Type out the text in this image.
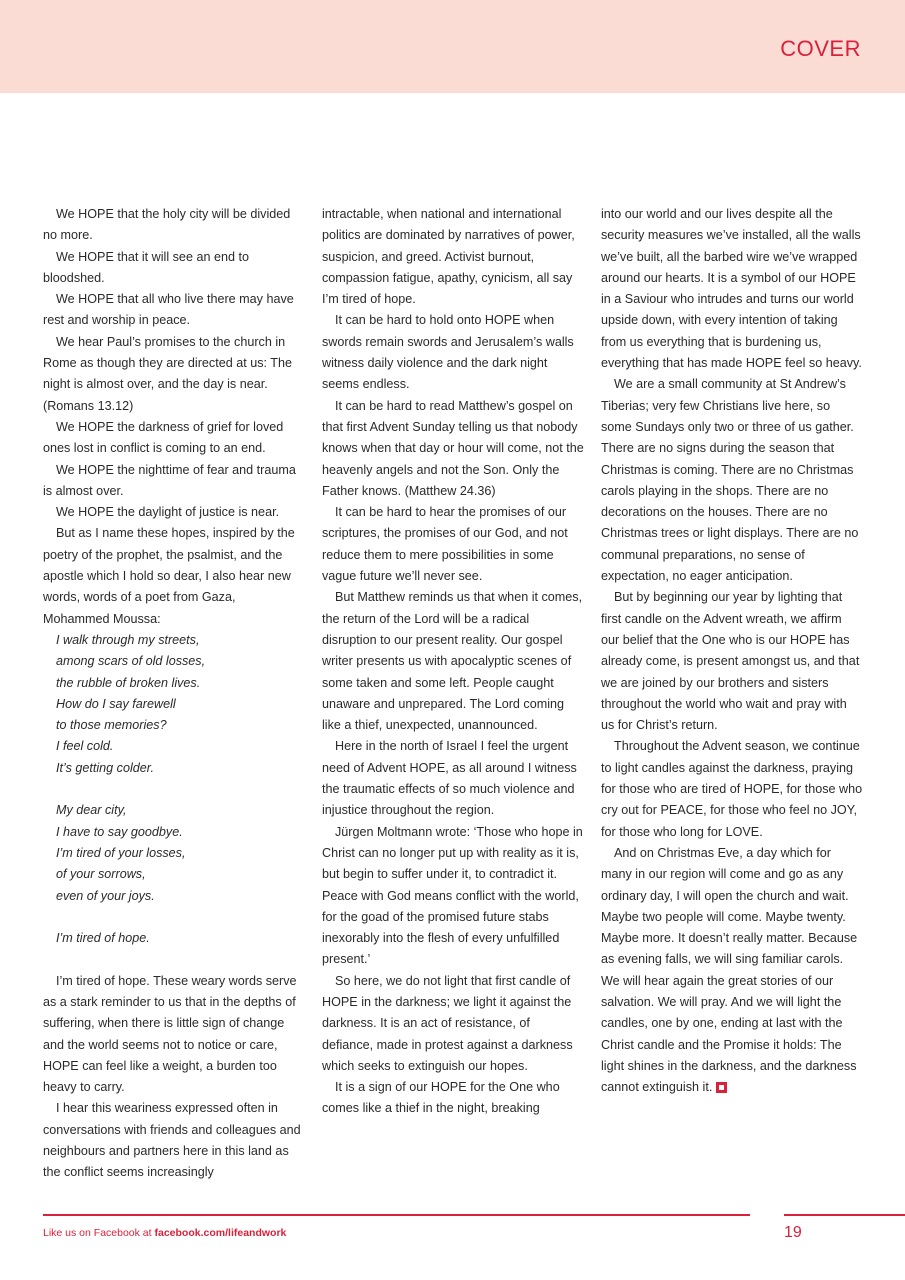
COVER

We HOPE that the holy city will be divided no more.

We HOPE that it will see an end to bloodshed.

We HOPE that all who live there may have rest and worship in peace.

We hear Paul’s promises to the church in Rome as though they are directed at us: The night is almost over, and the day is near. (Romans 13.12)

We HOPE the darkness of grief for loved ones lost in conflict is coming to an end.

We HOPE the nighttime of fear and trauma is almost over.

We HOPE the daylight of justice is near.

But as I name these hopes, inspired by the poetry of the prophet, the psalmist, and the apostle which I hold so dear, I also hear new words, words of a poet from Gaza, Mohammed Moussa:

I walk through my streets,
among scars of old losses,
the rubble of broken lives.
How do I say farewell
to those memories?
I feel cold.
It’s getting colder.
My dear city,
I have to say goodbye.
I’m tired of your losses,
of your sorrows,
even of your joys.
I’m tired of hope.

I’m tired of hope. These weary words serve as a stark reminder to us that in the depths of suffering, when there is little sign of change and the world seems not to notice or care, HOPE can feel like a weight, a burden too heavy to carry.

I hear this weariness expressed often in conversations with friends and colleagues and neighbours and partners here in this land as the conflict seems increasingly

intractable, when national and international politics are dominated by narratives of power, suspicion, and greed. Activist burnout, compassion fatigue, apathy, cynicism, all say I’m tired of hope.

It can be hard to hold onto HOPE when swords remain swords and Jerusalem’s walls witness daily violence and the dark night seems endless.

It can be hard to read Matthew’s gospel on that first Advent Sunday telling us that nobody knows when that day or hour will come, not the heavenly angels and not the Son. Only the Father knows. (Matthew 24.36)

It can be hard to hear the promises of our scriptures, the promises of our God, and not reduce them to mere possibilities in some vague future we’ll never see.

But Matthew reminds us that when it comes, the return of the Lord will be a radical disruption to our present reality. Our gospel writer presents us with apocalyptic scenes of some taken and some left. People caught unaware and unprepared. The Lord coming like a thief, unexpected, unannounced.

Here in the north of Israel I feel the urgent need of Advent HOPE, as all around I witness the traumatic effects of so much violence and injustice throughout the region.

Jürgen Moltmann wrote: ‘Those who hope in Christ can no longer put up with reality as it is, but begin to suffer under it, to contradict it. Peace with God means conflict with the world, for the goad of the promised future stabs inexorably into the flesh of every unfulfilled present.’

So here, we do not light that first candle of HOPE in the darkness; we light it against the darkness. It is an act of resistance, of defiance, made in protest against a darkness which seeks to extinguish our hopes.

It is a sign of our HOPE for the One who comes like a thief in the night, breaking

into our world and our lives despite all the security measures we’ve installed, all the walls we’ve built, all the barbed wire we’ve wrapped around our hearts. It is a symbol of our HOPE in a Saviour who intrudes and turns our world upside down, with every intention of taking from us everything that is burdening us, everything that has made HOPE feel so heavy.

We are a small community at St Andrew’s Tiberias; very few Christians live here, so some Sundays only two or three of us gather. There are no signs during the season that Christmas is coming. There are no Christmas carols playing in the shops. There are no decorations on the houses. There are no Christmas trees or light displays. There are no communal preparations, no sense of expectation, no eager anticipation.

But by beginning our year by lighting that first candle on the Advent wreath, we affirm our belief that the One who is our HOPE has already come, is present amongst us, and that we are joined by our brothers and sisters throughout the world who wait and pray with us for Christ’s return.

Throughout the Advent season, we continue to light candles against the darkness, praying for those who are tired of HOPE, for those who cry out for PEACE, for those who feel no JOY, for those who long for LOVE.

And on Christmas Eve, a day which for many in our region will come and go as any ordinary day, I will open the church and wait. Maybe two people will come. Maybe twenty. Maybe more. It doesn’t really matter. Because as evening falls, we will sing familiar carols. We will hear again the great stories of our salvation. We will pray. And we will light the candles, one by one, ending at last with the Christ candle and the Promise it holds: The light shines in the darkness, and the darkness cannot extinguish it.

Like us on Facebook at facebook.com/lifeandwork	19
